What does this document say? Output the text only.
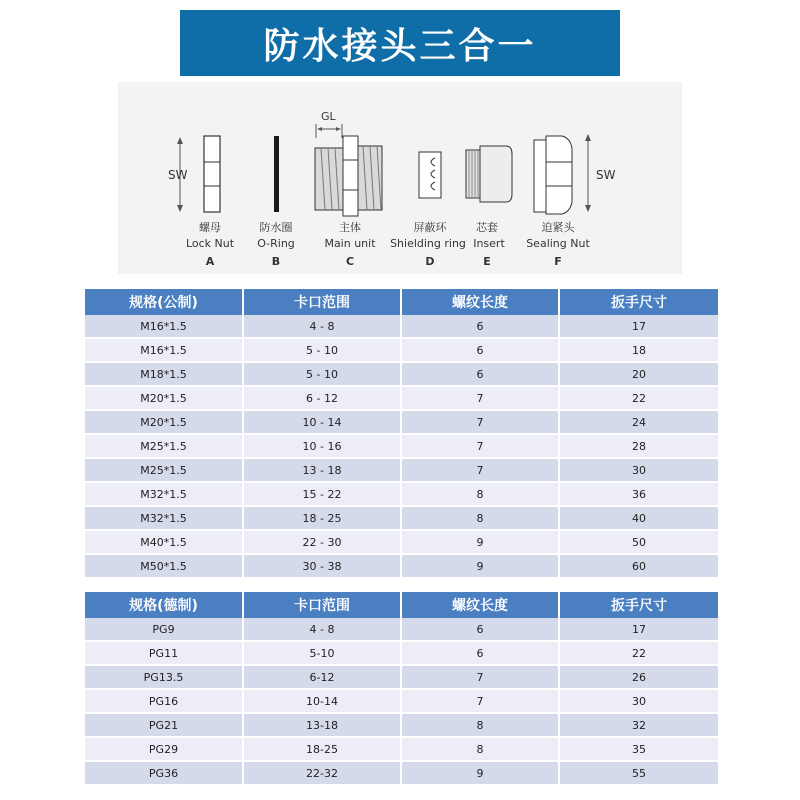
防水接头三合一
SW
GL
SW
螺母
Lock Nut
A
防水圈
O-Ring
B
主体
Main unit
C
屏蔽环
Shielding ring
D
芯套
Insert
E
迫紧头
Sealing Nut
F
规格(公制)	卡口范围	螺纹长度	扳手尺寸
M16*1.5	4 - 8	6	17
M16*1.5	5 - 10	6	18
M18*1.5	5 - 10	6	20
M20*1.5	6 - 12	7	22
M20*1.5	10 - 14	7	24
M25*1.5	10 - 16	7	28
M25*1.5	13 - 18	7	30
M32*1.5	15 - 22	8	36
M32*1.5	18 - 25	8	40
M40*1.5	22 - 30	9	50
M50*1.5	30 - 38	9	60
规格(德制)	卡口范围	螺纹长度	扳手尺寸
PG9	4 - 8	6	17
PG11	5-10	6	22
PG13.5	6-12	7	26
PG16	10-14	7	30
PG21	13-18	8	32
PG29	18-25	8	35
PG36	22-32	9	55
